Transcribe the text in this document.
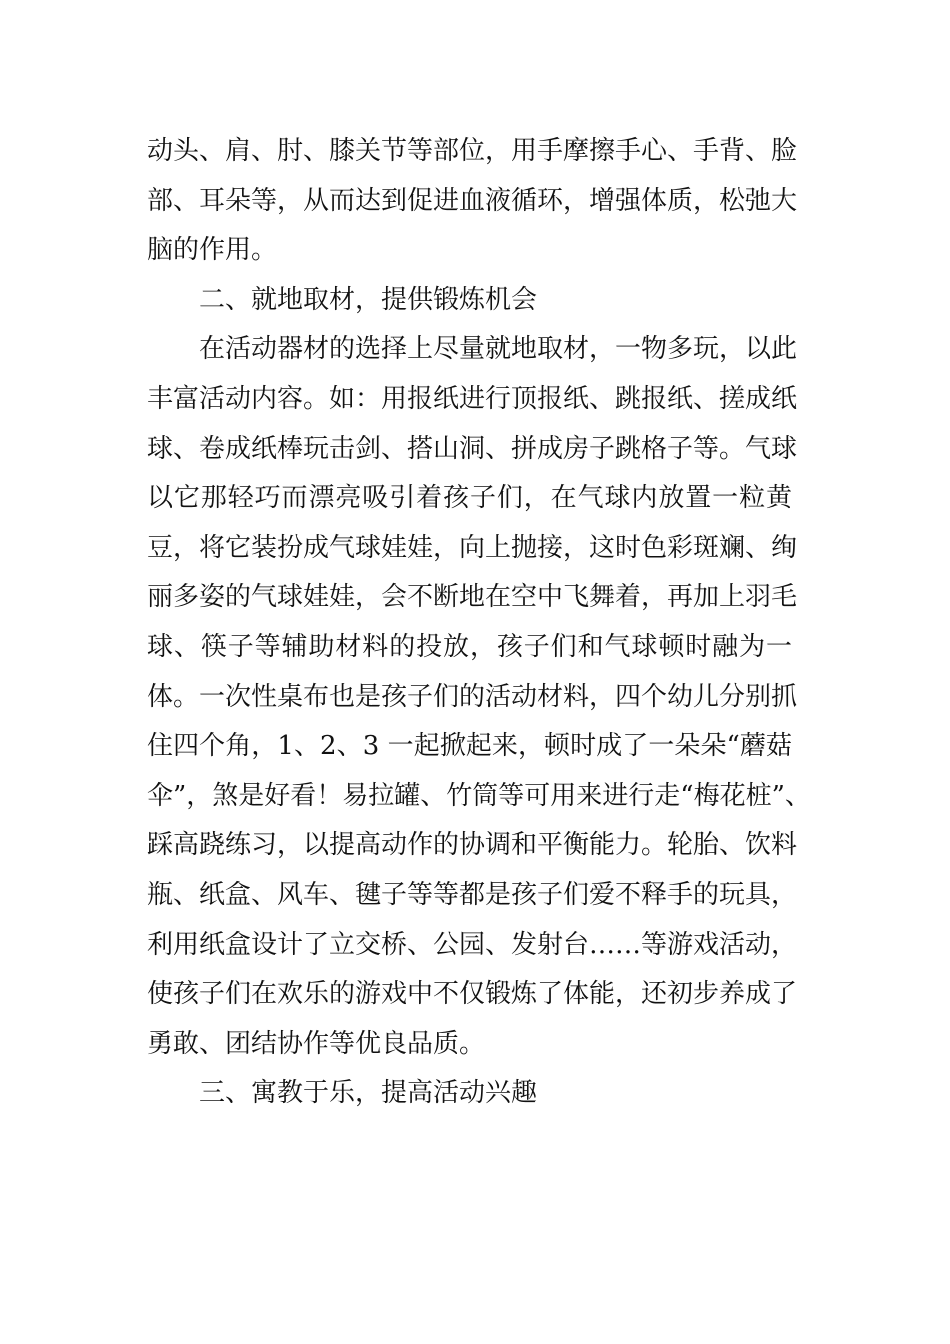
动头、肩、肘、膝关节等部位，用手摩擦手心、手背、脸
部、耳朵等，从而达到促进血液循环，增强体质，松弛大
脑的作用。
二、就地取材，提供锻炼机会
在活动器材的选择上尽量就地取材，一物多玩，以此
丰富活动内容。如：用报纸进行顶报纸、跳报纸、搓成纸
球、卷成纸棒玩击剑、搭山洞、拼成房子跳格子等。气球
以它那轻巧而漂亮吸引着孩子们，在气球内放置一粒黄
豆，将它装扮成气球娃娃，向上抛接，这时色彩斑斓、绚
丽多姿的气球娃娃，会不断地在空中飞舞着，再加上羽毛
球、筷子等辅助材料的投放，孩子们和气球顿时融为一
体。一次性桌布也是孩子们的活动材料，四个幼儿分别抓
住四个角，1、2、3 一起掀起来，顿时成了一朵朵“蘑菇
伞”，煞是好看！易拉罐、竹筒等可用来进行走“梅花桩”、
踩高跷练习，以提高动作的协调和平衡能力。轮胎、饮料
瓶、纸盒、风车、毽子等等都是孩子们爱不释手的玩具，
利用纸盒设计了立交桥、公园、发射台……等游戏活动，
使孩子们在欢乐的游戏中不仅锻炼了体能，还初步养成了
勇敢、团结协作等优良品质。
三、寓教于乐，提高活动兴趣
